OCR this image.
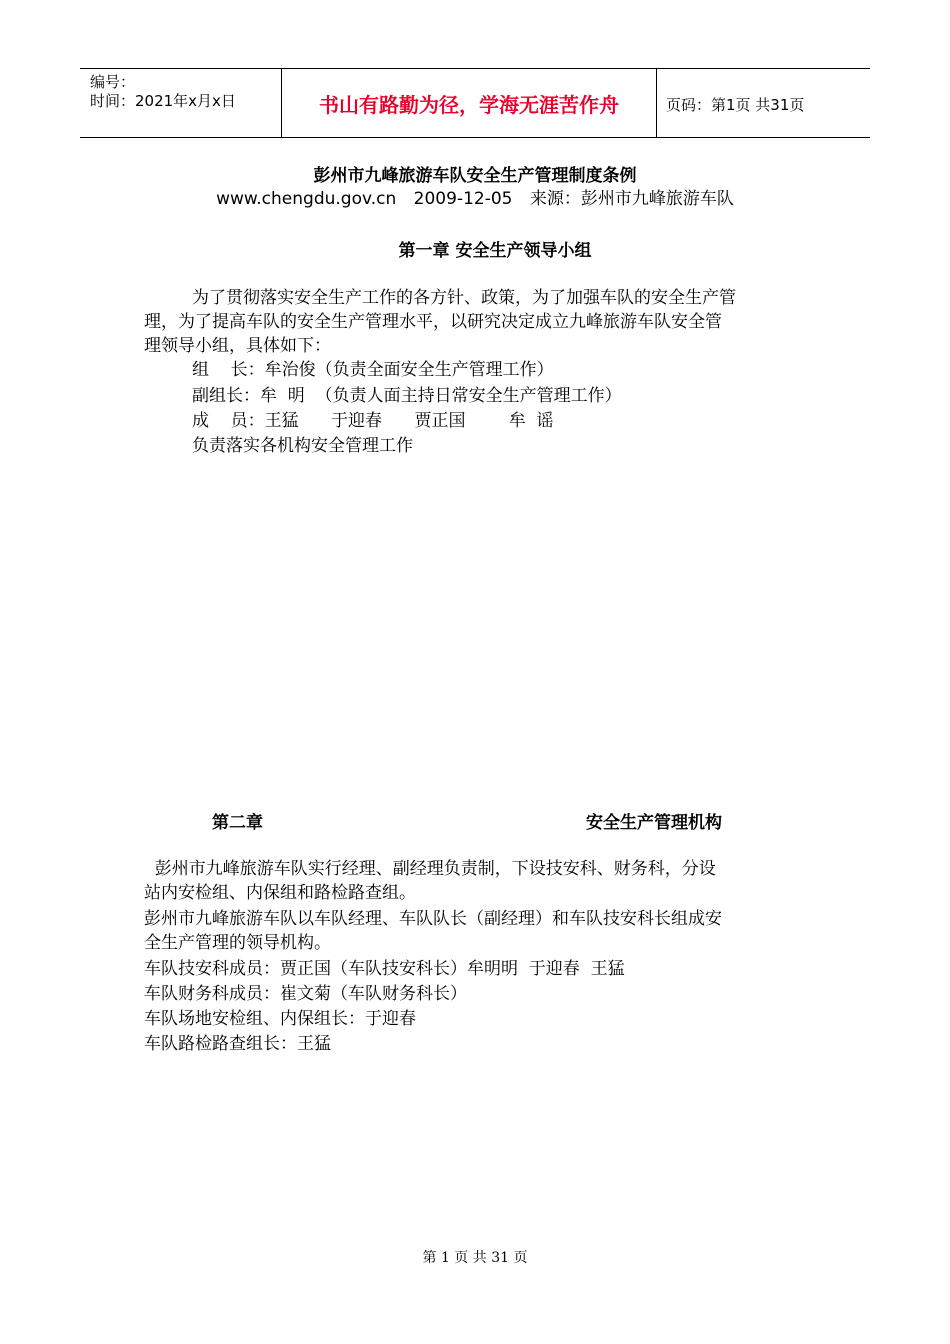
编号：
时间：2021年x月x日	书山有路勤为径，学海无涯苦作舟	页码：第1页 共31页
彭州市九峰旅游车队安全生产管理制度条例
www.chengdu.gov.cn 2009-12-05 来源：彭州市九峰旅游车队
第一章 安全生产领导小组
为了贯彻落实安全生产工作的各方针、政策，为了加强车队的安全生产管
理，为了提高车队的安全生产管理水平，以研究决定成立九峰旅游车队安全管
理领导小组，具体如下：
组    长：牟治俊（负责全面安全生产管理工作）
副组长：牟  明  （负责人面主持日常安全生产管理工作）
成    员：王猛      于迎春      贾正国        牟  谣
负责落实各机构安全管理工作
第二章	安全生产管理机构
彭州市九峰旅游车队实行经理、副经理负责制，下设技安科、财务科，分设
站内安检组、内保组和路检路查组。
彭州市九峰旅游车队以车队经理、车队队长（副经理）和车队技安科长组成安
全生产管理的领导机构。
车队技安科成员：贾正国（车队技安科长）牟明明  于迎春  王猛
车队财务科成员：崔文菊（车队财务科长）
车队场地安检组、内保组长：于迎春
车队路检路查组长：王猛
第 1 页 共 31 页
